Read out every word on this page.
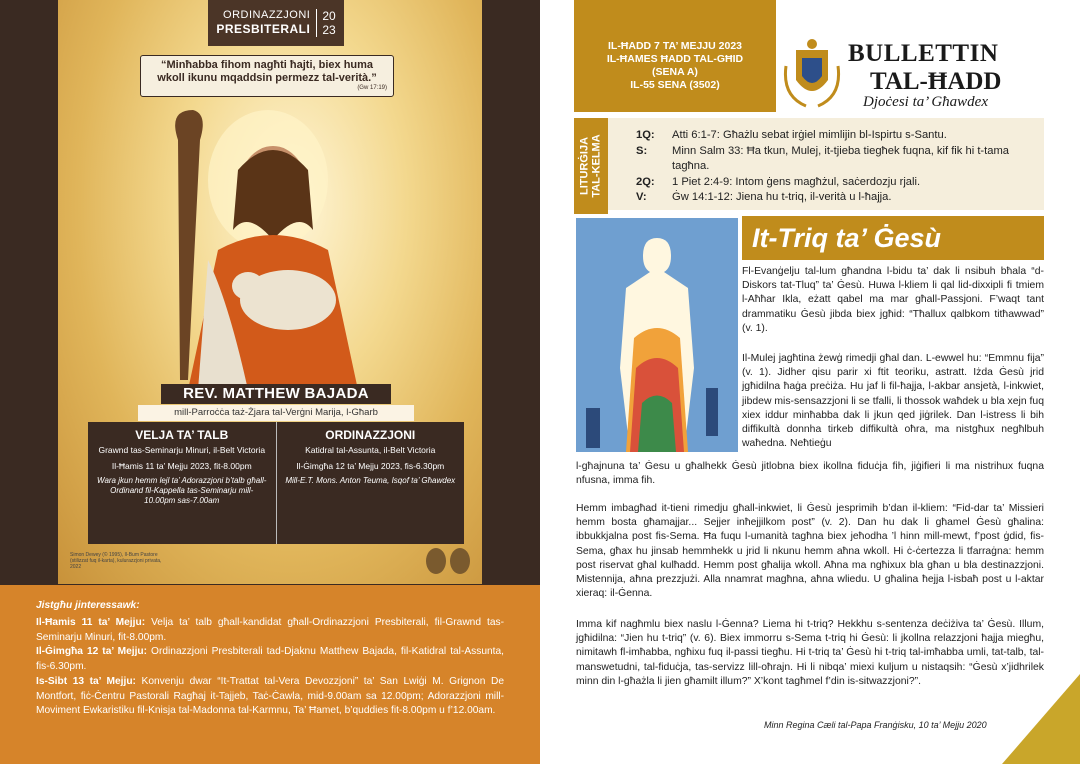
ORDINAZZJONI
PRESBITERALI
20
23
“Minħabba fihom nagħti ħajti, biex huma wkoll ikunu mqaddsin permezz tal-verità.”
(Gw 17:19)
REV. MATTHEW BAJADA
mill-Parroċċa taż-Żjara tal-Verġni Marija, l-Għarb
VELJA TA’ TALB
Grawnd tas-Seminarju Minuri, il-Belt Victoria
Il-Ħamis 11 ta’ Mejju 2023, fit-8.00pm
Wara jkun hemm lejl ta’ Adorazzjoni b’talb għall-Ordinand fil-Kappella tas-Seminarju mill-10.00pm sas-7.00am
ORDINAZZJONI
Katidral tal-Assunta, il-Belt Victoria
Il-Ġimgħa 12 ta’ Mejju 2023, fis-6.30pm
Mill-E.T. Mons. Anton Teuma, Isqof ta’ Għawdex
Simon Dewey (© 1995), Il-Bum Pastore (stilizzat fuq il-karta), kulurazzjoni privata, 2022
Jistgħu jinteressawk:

Il-Ħamis 11 ta’ Mejju: Velja ta’ talb għall-kandidat għall-Ordinazzjoni Presbiterali, fil-Grawnd tas-Seminarju Minuri, fit-8.00pm.

Il-Ġimgħa 12 ta’ Mejju: Ordinazzjoni Presbiterali tad-Djaknu Matthew Bajada, fil-Katidral tal-Assunta, fis-6.30pm.

Is-Sibt 13 ta’ Mejju: Konvenju dwar “It-Trattat tal-Vera Devozzjoni” ta’ San Lwiġi M. Grignon De Montfort, fiċ-Ċentru Pastorali Ragħaj it-Tajjeb, Taċ-Ċawla, mid-9.00am sa 12.00pm; Adorazzjoni mill-Moviment Ewkaristiku fil-Knisja tal-Madonna tal-Karmnu, Ta’ Ħamet, b’quddies fit-8.00pm u f’12.00am.

IL-ĦADD 7 TA’ MEJJU 2023
IL-ĦAMES ĦADD TAL-GĦID
(SENA A)
IL-55 SENA (3502)
BULLETTIN
TAL-ĦADD
Djoċesi ta’ Għawdex
LITURĠIJA
TAL-KELMA	1Q:	Atti 6:1-7: Għażlu sebat irġiel mimlijin bl-Ispirtu s-Santu.
S:	Minn Salm 33: Ħa tkun, Mulej, it-tjieba tiegħek fuqna, kif fik hi t-tama tagħna.
2Q:	1 Piet 2:4-9: Intom ġens magħżul, saċerdozju rjali.
V:	Ġw 14:1-12: Jiena hu t-triq, il-verità u l-ħajja.
It-Triq ta’ Ġesù
Fl-Evanġelju tal-lum għandna l-bidu ta’ dak li nsibuh bħala “d-Diskors tat-Tluq” ta’ Ġesù. Huwa l-kliem li qal lid-dixxipli fi tmiem l-Aħħar Ikla, eżatt qabel ma mar għall-Passjoni. F’waqt tant drammatiku Ġesù jibda biex jgħid: “Tħallux qalbkom titħawwad” (v. 1).
Il-Mulej jagħtina żewġ rimedji għal dan. L-ewwel hu: “Emmnu fija” (v. 1). Jidher qisu parir xi ftit teoriku, astratt. Iżda Ġesù jrid jgħidilna ħaġa preċiża. Hu jaf li fil-ħajja, l-akbar ansjetà, l-inkwiet, jibdew mis-sensazzjoni li se tfalli, li thossok waħdek u bla xejn fuq xiex iddur minħabba dak li jkun qed jiġrilek. Dan l-istress li bih diffikultà donnha tirkeb diffikultà oħra, ma nistgħux negħlbuh waħedna. Neħtieġu
l-għajnuna ta’ Ġesu u għalhekk Ġesù jitlobna biex ikollna fiduċja fih, jiġifieri li ma nistrihux fuqna nfusna, imma fih.
Hemm imbagħad it-tieni rimedju għall-inkwiet, li Ġesù jesprimih b’dan il-kliem: “Fid-dar ta’ Missieri hemm bosta għamajjar... Sejjer inħejjilkom post” (v. 2). Dan hu dak li għamel Ġesù għalina: ibbukkjalna post fis-Sema. Ħa fuqu l-umanità tagħna biex jeħodha ’l hinn mill-mewt, f’post ġdid, fis-Sema, għax hu jinsab hemmhekk u jrid li nkunu hemm aħna wkoll. Hi ċ-ċertezza li tfarraġna: hemm post riservat għal kulħadd. Hemm post għalija wkoll. Aħna ma ngħixux bla għan u bla destinazzjoni. Mistennija, aħna prezzjużi. Alla nnamrat magħna, aħna wliedu. U għalina ħejja l-isbaħ post u l-aktar xieraq: il-Ġenna.
Imma kif nagħmlu biex naslu l-Ġenna? Liema hi t-triq? Hekkhu s-sentenza deċiżiva ta’ Ġesù. Illum, jgħidilna: “Jien hu t-triq” (v. 6). Biex immorru s-Sema t-triq hi Ġesù: li jkollna relazzjoni ħajja miegħu, nimitawh fl-imħabba, ngħixu fuq il-passi tiegħu. Hi t-triq ta’ Ġesù hi t-triq tal-imħabba umli, tat-talb, tal-manswetudni, tal-fiduċja, tas-servizz lill-oħrajn. Hi li nibqa’ miexi kuljum u nistaqsih: “Ġesù x’jidhrilek minn din l-għażla li jien għamilt illum?” X’kont tagħmel f’din is-sitwazzjoni?”.
Minn Regina Cæli tal-Papa Franġisku, 10 ta’ Mejju 2020
